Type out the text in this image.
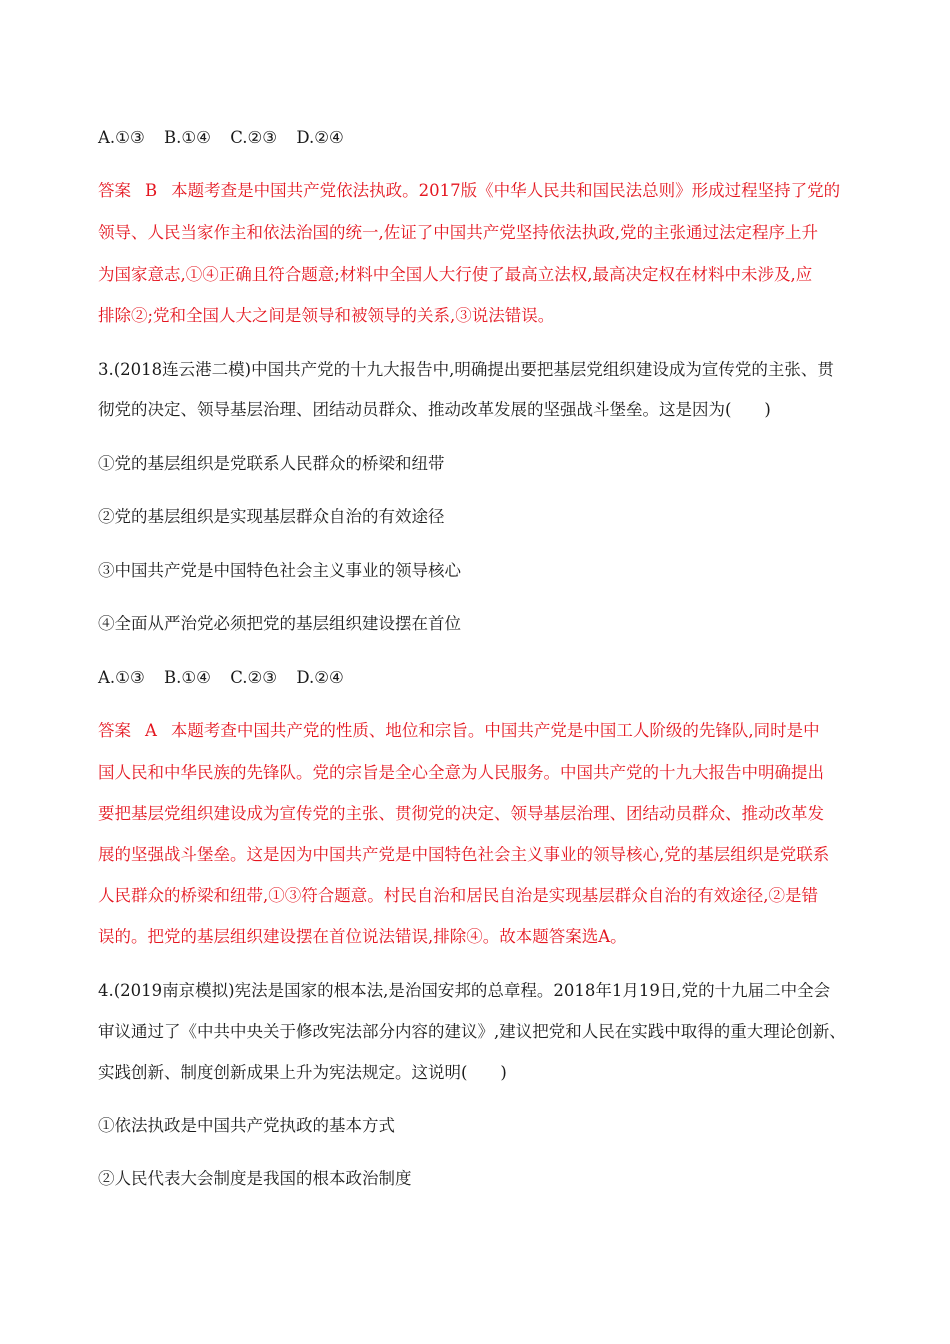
A.①③ B.①④ C.②③ D.②④
答案 B 本题考查是中国共产党依法执政。2017版《中华人民共和国民法总则》形成过程坚持了党的
领导、人民当家作主和依法治国的统一,佐证了中国共产党坚持依法执政,党的主张通过法定程序上升
为国家意志,①④正确且符合题意;材料中全国人大行使了最高立法权,最高决定权在材料中未涉及,应
排除②;党和全国人大之间是领导和被领导的关系,③说法错误。
3.(2018连云港二模)中国共产党的十九大报告中,明确提出要把基层党组织建设成为宣传党的主张、贯
彻党的决定、领导基层治理、团结动员群众、推动改革发展的坚强战斗堡垒。这是因为(　　)
①党的基层组织是党联系人民群众的桥梁和纽带
②党的基层组织是实现基层群众自治的有效途径
③中国共产党是中国特色社会主义事业的领导核心
④全面从严治党必须把党的基层组织建设摆在首位
A.①③ B.①④ C.②③ D.②④
答案 A 本题考查中国共产党的性质、地位和宗旨。中国共产党是中国工人阶级的先锋队,同时是中
国人民和中华民族的先锋队。党的宗旨是全心全意为人民服务。中国共产党的十九大报告中明确提出
要把基层党组织建设成为宣传党的主张、贯彻党的决定、领导基层治理、团结动员群众、推动改革发
展的坚强战斗堡垒。这是因为中国共产党是中国特色社会主义事业的领导核心,党的基层组织是党联系
人民群众的桥梁和纽带,①③符合题意。村民自治和居民自治是实现基层群众自治的有效途径,②是错
误的。把党的基层组织建设摆在首位说法错误,排除④。故本题答案选A。
4.(2019南京模拟)宪法是国家的根本法,是治国安邦的总章程。2018年1月19日,党的十九届二中全会
审议通过了《中共中央关于修改宪法部分内容的建议》,建议把党和人民在实践中取得的重大理论创新、
实践创新、制度创新成果上升为宪法规定。这说明(　　)
①依法执政是中国共产党执政的基本方式
②人民代表大会制度是我国的根本政治制度
